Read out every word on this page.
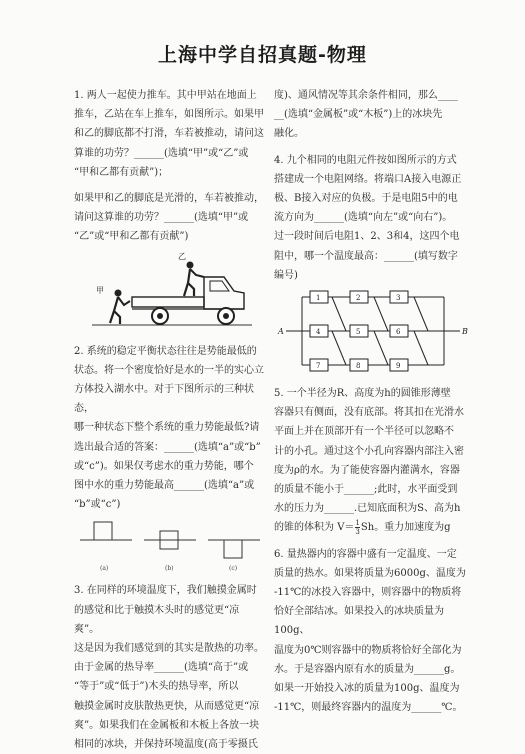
上海中学自招真题-物理

1. 两人一起使力推车。其中甲站在地面上

推车，乙站在车上推车，如图所示。如果甲

和乙的脚底都不打滑，车若被推动，请问这

算谁的功劳？______(选填“甲”或“乙”或

“甲和乙都有贡献”)；

如果甲和乙的脚底是光滑的，车若被推动，

请问这算谁的功劳？______(选填“甲”或

“乙”或“甲和乙都有贡献”)

甲
乙

2. 系统的稳定平衡状态往往是势能最低的

状态。将一个密度恰好是水的一半的实心立

方体投入湖水中。对于下图所示的三种状态，

哪一种状态下整个系统的重力势能最低?请

选出最合适的答案：______(选填“a”或“b”

或“c”)。如果仅考虑水的重力势能，哪个

图中水的重力势能最高______(选填“a”或

“b”或“c”)

(a)	(b)	(c)

3. 在同样的环境温度下，我们触摸金属时

的感觉和比于触摸木头时的感觉更“凉爽”。

这是因为我们感觉到的其实是散热的功率。

由于金属的热导率______(选填“高于”或

“等于”或“低于”)木头的热导率，所以

触摸金属时皮肤散热更快，从而感觉更“凉

爽”。如果我们在金属板和木板上各放一块

相同的冰块，并保持环境温度(高于零摄氏

度)、通风情况等其余条件相同，那么____

__(选填“金属板”或“木板”)上的冰块先

融化。

4. 九个相同的电阻元件按如图所示的方式

搭建成一个电阻网络。将端口A接入电源正

极、B接入对应的负极。于是电阻5中的电

流方向为______(选填“向左”或“向右”)。

过一段时间后电阻1、2、3和4，这四个电

阻中，哪一个温度最高：______(填写数字

编号)

A	B
1	2	3
4	5	6
7	8	9

5. 一个半径为R、高度为h的圆锥形薄壁

容器只有侧面，没有底部。将其扣在光滑水

平面上并在顶部开有一个半径可以忽略不

计的小孔。通过这个小孔向容器内部注入密

度为ρ的水。为了能使容器内灌满水，容器

的质量不能小于______;此时，水平面受到

水的压力为______.已知底面积为S、高为h

的锥的体积为 $V= \frac{1}{3}$ Sh。重力加速度为g

6. 量热器内的容器中盛有一定温度、一定

质量的热水。如果将质量为6000g、温度为

-11℃的冰投入容器中，则容器中的物质将

恰好全部结冰。如果投入的冰块质量为100g、

温度为0℃则容器中的物质将恰好全部化为

水。于是容器内原有水的质量为______g。

如果一开始投入冰的质量为100g、温度为

-11℃，则最终容器内的温度为______℃。
